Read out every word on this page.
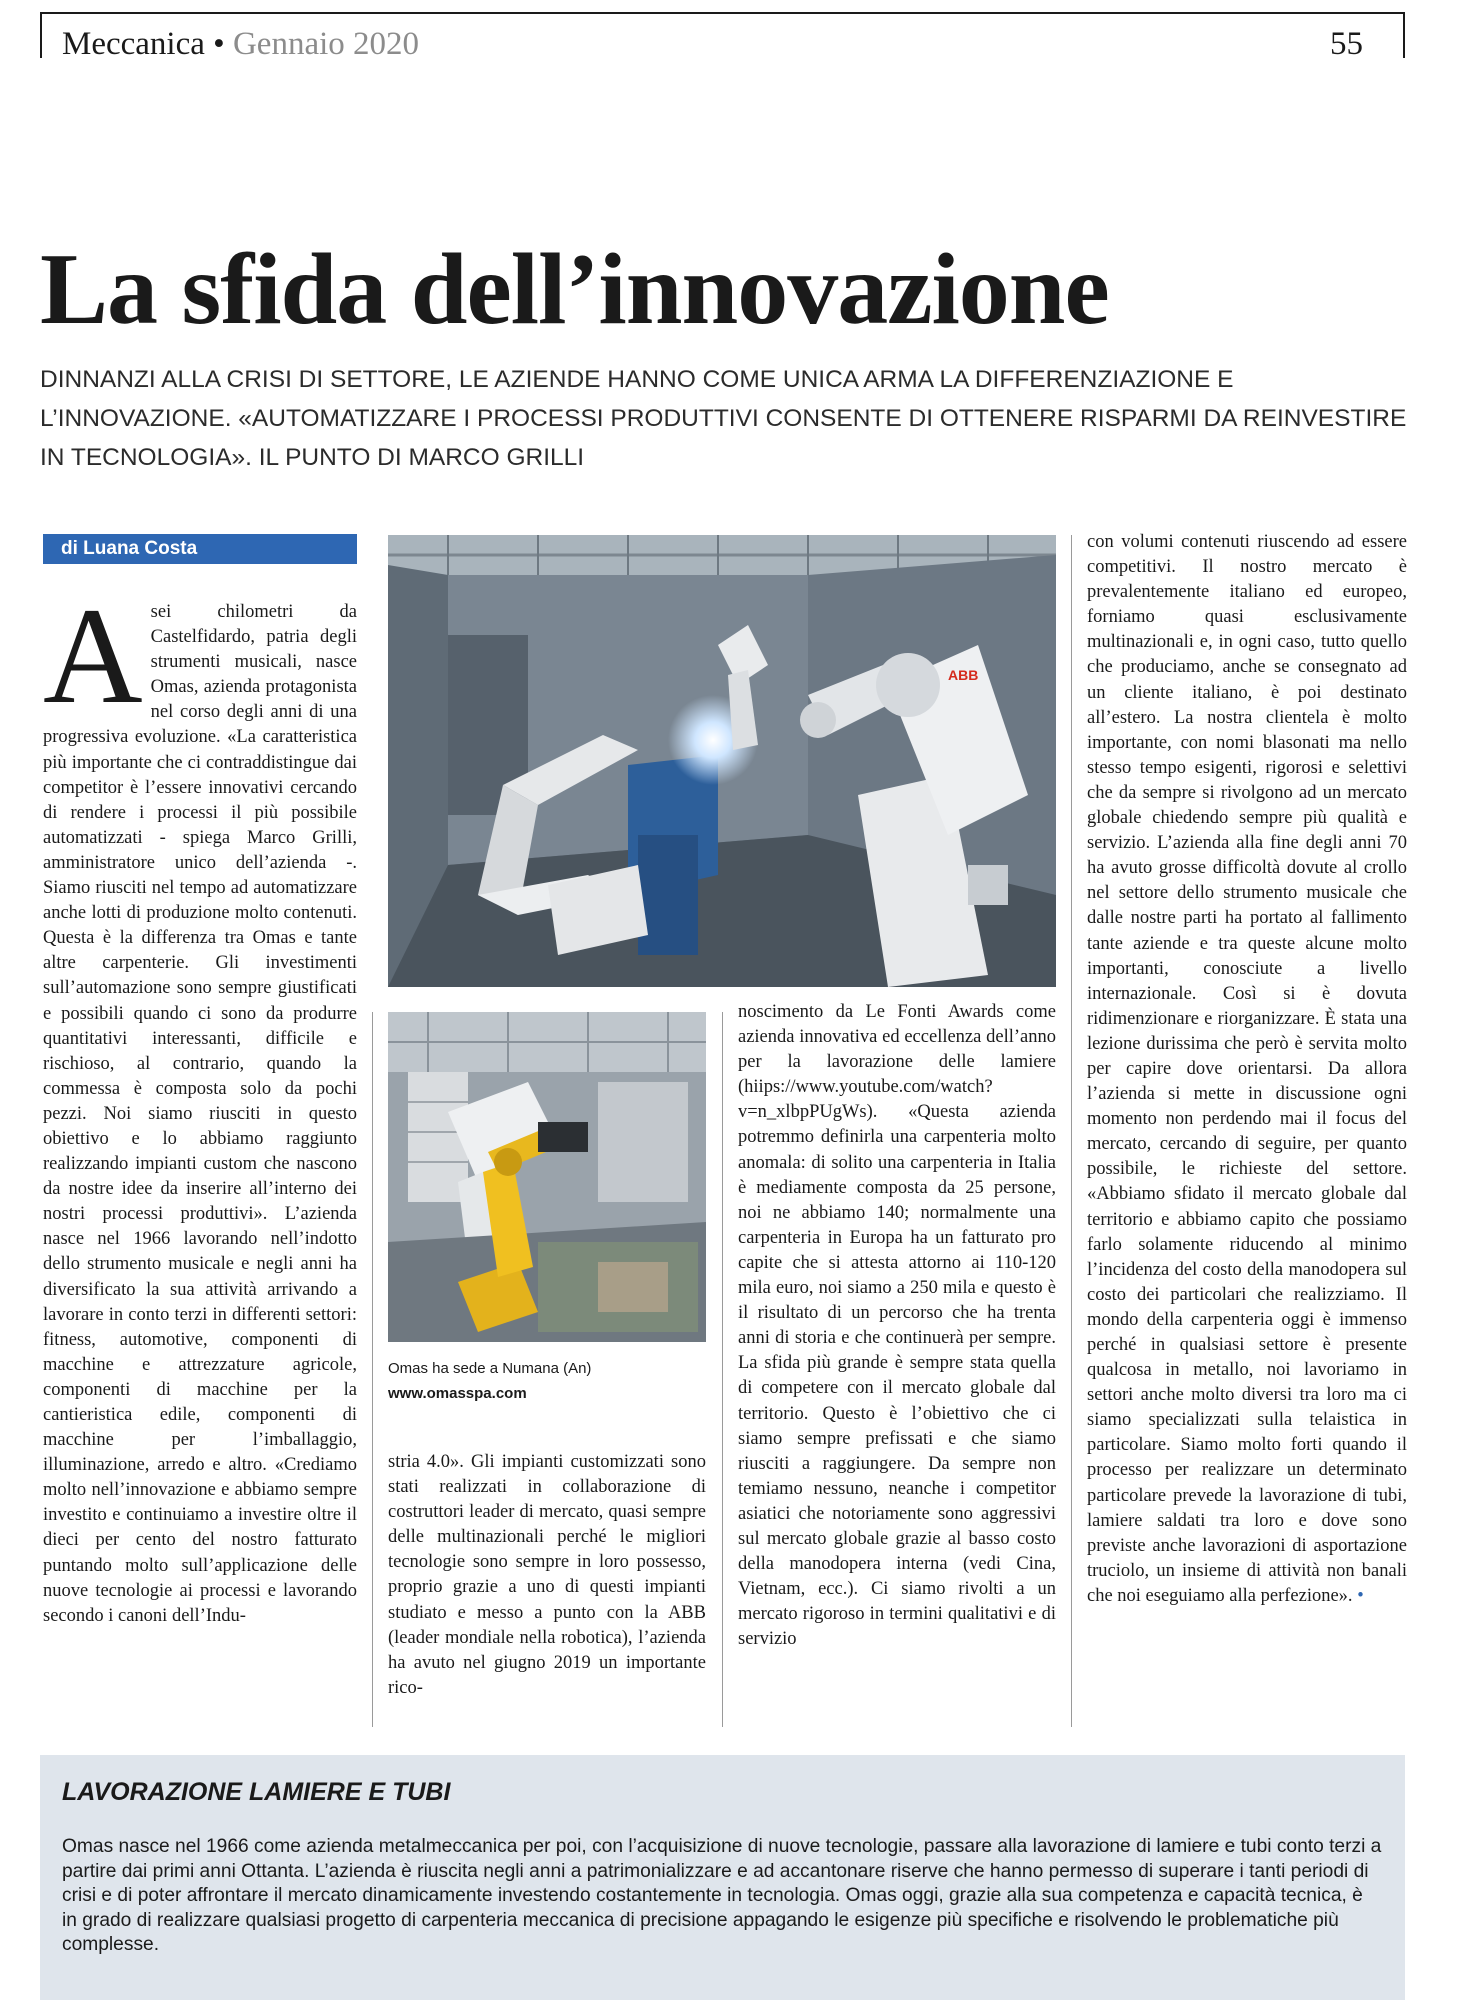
Meccanica • Gennaio 2020	55
La sfida dell’innovazione
DINNANZI ALLA CRISI DI SETTORE, LE AZIENDE HANNO COME UNICA ARMA LA DIFFERENZIAZIONE E L’INNOVAZIONE. «AUTOMATIZZARE I PROCESSI PRODUTTIVI CONSENTE DI OTTENERE RISPARMI DA REINVESTIRE IN TECNOLOGIA». IL PUNTO DI MARCO GRILLI
di Luana Costa
A sei chilometri da Castelfidardo, patria degli strumenti musicali, nasce Omas, azienda protagonista nel corso degli anni di una progressiva evoluzione. «La caratteristica più importante che ci contraddistingue dai competitor è l’essere innovativi cercando di rendere i processi il più possibile automatizzati - spiega Marco Grilli, amministratore unico dell’azienda -. Siamo riusciti nel tempo ad automatizzare anche lotti di produzione molto contenuti. Questa è la differenza tra Omas e tante altre carpenterie. Gli investimenti sull’automazione sono sempre giustificati e possibili quando ci sono da produrre quantitativi interessanti, difficile e rischioso, al contrario, quando la commessa è composta solo da pochi pezzi. Noi siamo riusciti in questo obiettivo e lo abbiamo raggiunto realizzando impianti custom che nascono da nostre idee da inserire all’interno dei nostri processi produttivi». L’azienda nasce nel 1966 lavorando nell’indotto dello strumento musicale e negli anni ha diversificato la sua attività arrivando a lavorare in conto terzi in differenti settori: fitness, automotive, componenti di macchine e attrezzature agricole, componenti di macchine per la cantieristica edile, componenti di macchine per l’imballaggio, illuminazione, arredo e altro. «Crediamo molto nell’innovazione e abbiamo sempre investito e continuiamo a investire oltre il dieci per cento del nostro fatturato puntando molto sull’applicazione delle nuove tecnologie ai processi e lavorando secondo i canoni dell’Indu-
ABB
Omas ha sede a Numana (An)
www.omasspa.com
stria 4.0». Gli impianti customizzati sono stati realizzati in collaborazione di costruttori leader di mercato, quasi sempre delle multinazionali perché le migliori tecnologie sono sempre in loro possesso, proprio grazie a uno di questi impianti studiato e messo a punto con la ABB (leader mondiale nella robotica), l’azienda ha avuto nel giugno 2019 un importante rico-
noscimento da Le Fonti Awards come azienda innovativa ed eccellenza dell’anno per la lavorazione delle lamiere (hiips://www.youtube.com/watch?v=n_xlbpPUgWs). «Questa azienda potremmo definirla una carpenteria molto anomala: di solito una carpenteria in Italia è mediamente composta da 25 persone, noi ne abbiamo 140; normalmente una carpenteria in Europa ha un fatturato pro capite che si attesta attorno ai 110-120 mila euro, noi siamo a 250 mila e questo è il risultato di un percorso che ha trenta anni di storia e che continuerà per sempre. La sfida più grande è sempre stata quella di competere con il mercato globale dal territorio. Questo è l’obiettivo che ci siamo sempre prefissati e che siamo riusciti a raggiungere. Da sempre non temiamo nessuno, neanche i competitor asiatici che notoriamente sono aggressivi sul mercato globale grazie al basso costo della manodopera interna (vedi Cina, Vietnam, ecc.). Ci siamo rivolti a un mercato rigoroso in termini qualitativi e di servizio
con volumi contenuti riuscendo ad essere competitivi. Il nostro mercato è prevalentemente italiano ed europeo, forniamo quasi esclusivamente multinazionali e, in ogni caso, tutto quello che produciamo, anche se consegnato ad un cliente italiano, è poi destinato all’estero. La nostra clientela è molto importante, con nomi blasonati ma nello stesso tempo esigenti, rigorosi e selettivi che da sempre si rivolgono ad un mercato globale chiedendo sempre più qualità e servizio. L’azienda alla fine degli anni 70 ha avuto grosse difficoltà dovute al crollo nel settore dello strumento musicale che dalle nostre parti ha portato al fallimento tante aziende e tra queste alcune molto importanti, conosciute a livello internazionale. Così si è dovuta ridimenzionare e riorganizzare. È stata una lezione durissima che però è servita molto per capire dove orientarsi. Da allora l’azienda si mette in discussione ogni momento non perdendo mai il focus del mercato, cercando di seguire, per quanto possibile, le richieste del settore. «Abbiamo sfidato il mercato globale dal territorio e abbiamo capito che possiamo farlo solamente riducendo al minimo l’incidenza del costo della manodopera sul costo dei particolari che realizziamo. Il mondo della carpenteria oggi è immenso perché in qualsiasi settore è presente qualcosa in metallo, noi lavoriamo in settori anche molto diversi tra loro ma ci siamo specializzati sulla telaistica in particolare. Siamo molto forti quando il processo per realizzare un determinato particolare prevede la lavorazione di tubi, lamiere saldati tra loro e dove sono previste anche lavorazioni di asportazione truciolo, un insieme di attività non banali che noi eseguiamo alla perfezione». •
LAVORAZIONE LAMIERE E TUBI
Omas nasce nel 1966 come azienda metalmeccanica per poi, con l’acquisizione di nuove tecnologie, passare alla lavorazione di lamiere e tubi conto terzi a partire dai primi anni Ottanta. L’azienda è riuscita negli anni a patrimonializzare e ad accantonare riserve che hanno permesso di superare i tanti periodi di crisi e di poter affrontare il mercato dinamicamente investendo costantemente in tecnologia. Omas oggi, grazie alla sua competenza e capacità tecnica, è in grado di realizzare qualsiasi progetto di carpenteria meccanica di precisione appagando le esigenze più specifiche e risolvendo le problematiche più complesse.
